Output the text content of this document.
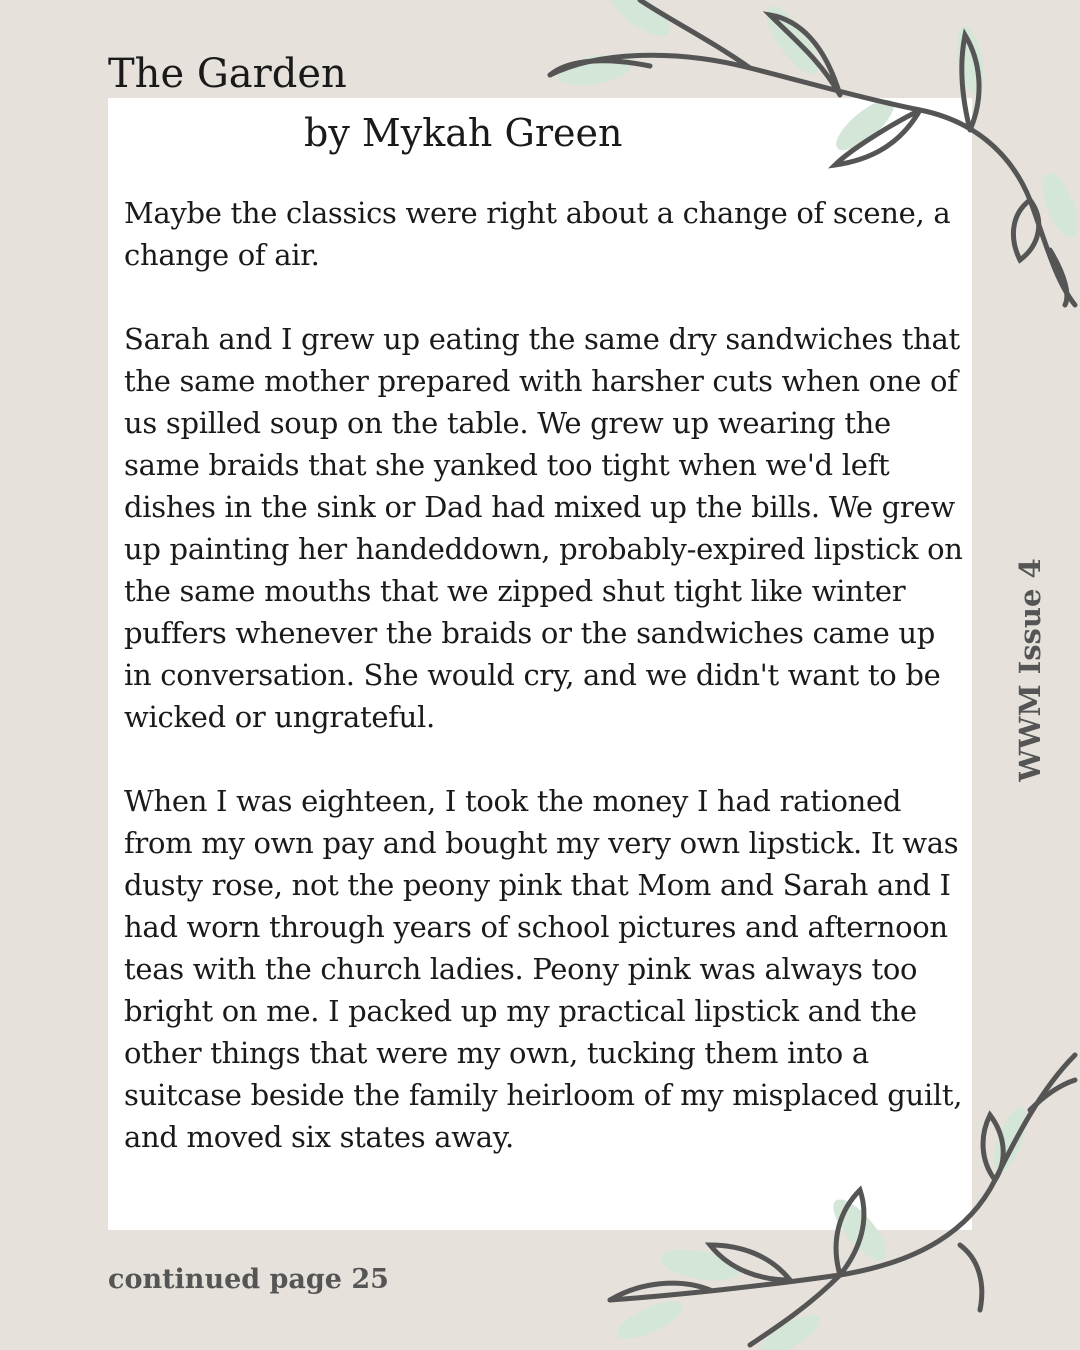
The Garden
by Mykah Green

Maybe the classics were right about a change of scene, a change of air.

Sarah and I grew up eating the same dry sandwiches that the same mother prepared with harsher cuts when one of us spilled soup on the table. We grew up wearing the same braids that she yanked too tight when we'd left dishes in the sink or Dad had mixed up the bills. We grew up painting her handeddown, probably-expired lipstick on the same mouths that we zipped shut tight like winter puffers whenever the braids or the sandwiches came up in conversation. She would cry, and we didn't want to be wicked or ungrateful.

When I was eighteen, I took the money I had rationed from my own pay and bought my very own lipstick. It was dusty rose, not the peony pink that Mom and Sarah and I had worn through years of school pictures and afternoon teas with the church ladies. Peony pink was always too bright on me. I packed up my practical lipstick and the other things that were my own, tucking them into a suitcase beside the family heirloom of my misplaced guilt, and moved six states away.

WWM Issue 4
continued page 25
